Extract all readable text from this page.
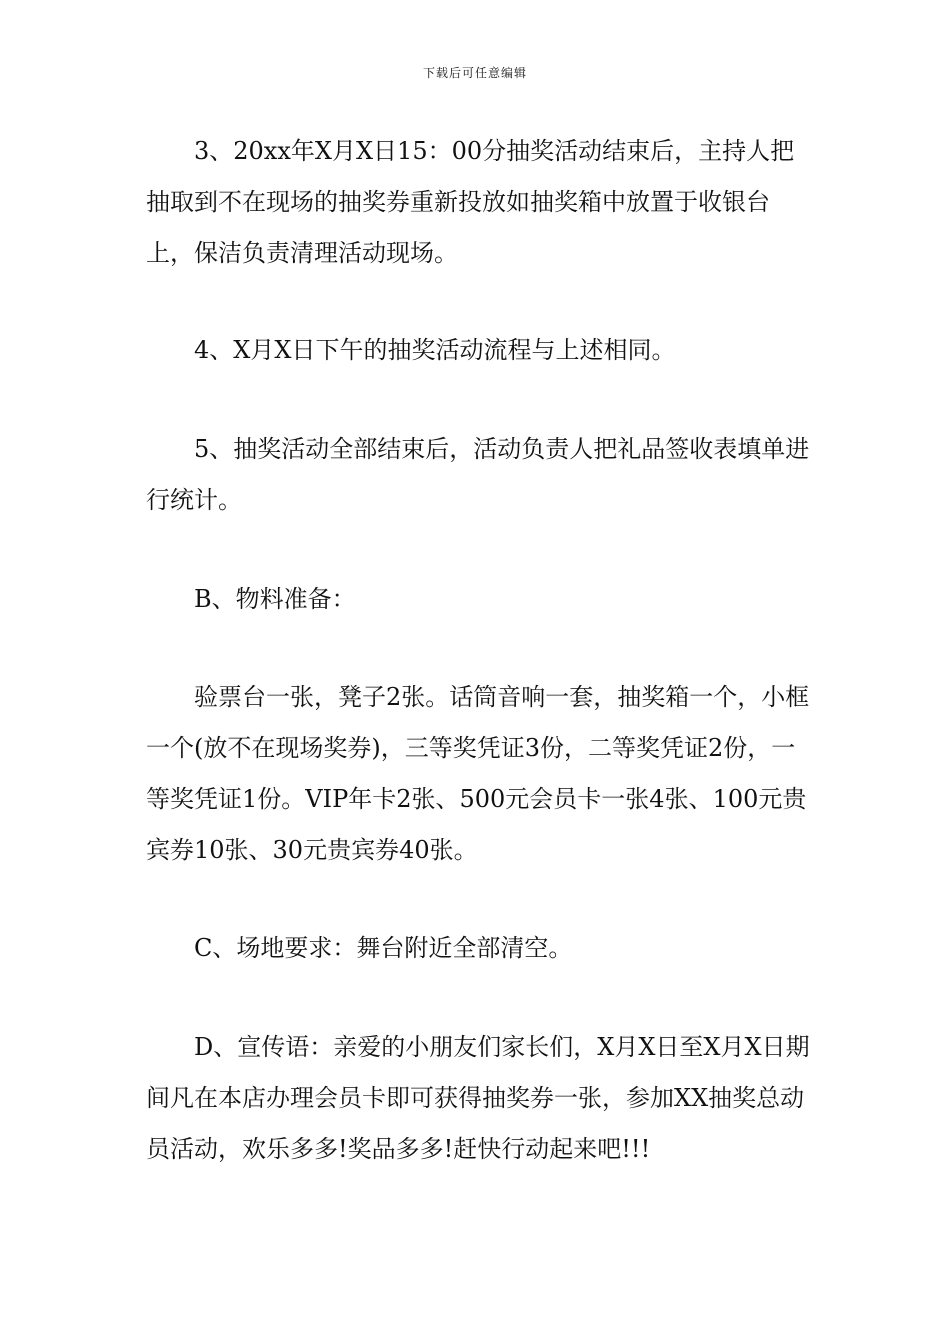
下载后可任意编辑

3、20xx年X月X日15：00分抽奖活动结束后，主持人把抽取到不在现场的抽奖券重新投放如抽奖箱中放置于收银台上，保洁负责清理活动现场。

4、X月X日下午的抽奖活动流程与上述相同。

5、抽奖活动全部结束后，活动负责人把礼品签收表填单进行统计。

B、物料准备：

验票台一张，凳子2张。话筒音响一套，抽奖箱一个，小框一个(放不在现场奖券)，三等奖凭证3份，二等奖凭证2份，一等奖凭证1份。VIP年卡2张、500元会员卡一张4张、100元贵宾券10张、30元贵宾券40张。

C、场地要求：舞台附近全部清空。

D、宣传语：亲爱的小朋友们家长们，X月X日至X月X日期间凡在本店办理会员卡即可获得抽奖券一张，参加XX抽奖总动员活动，欢乐多多!奖品多多!赶快行动起来吧!!!
